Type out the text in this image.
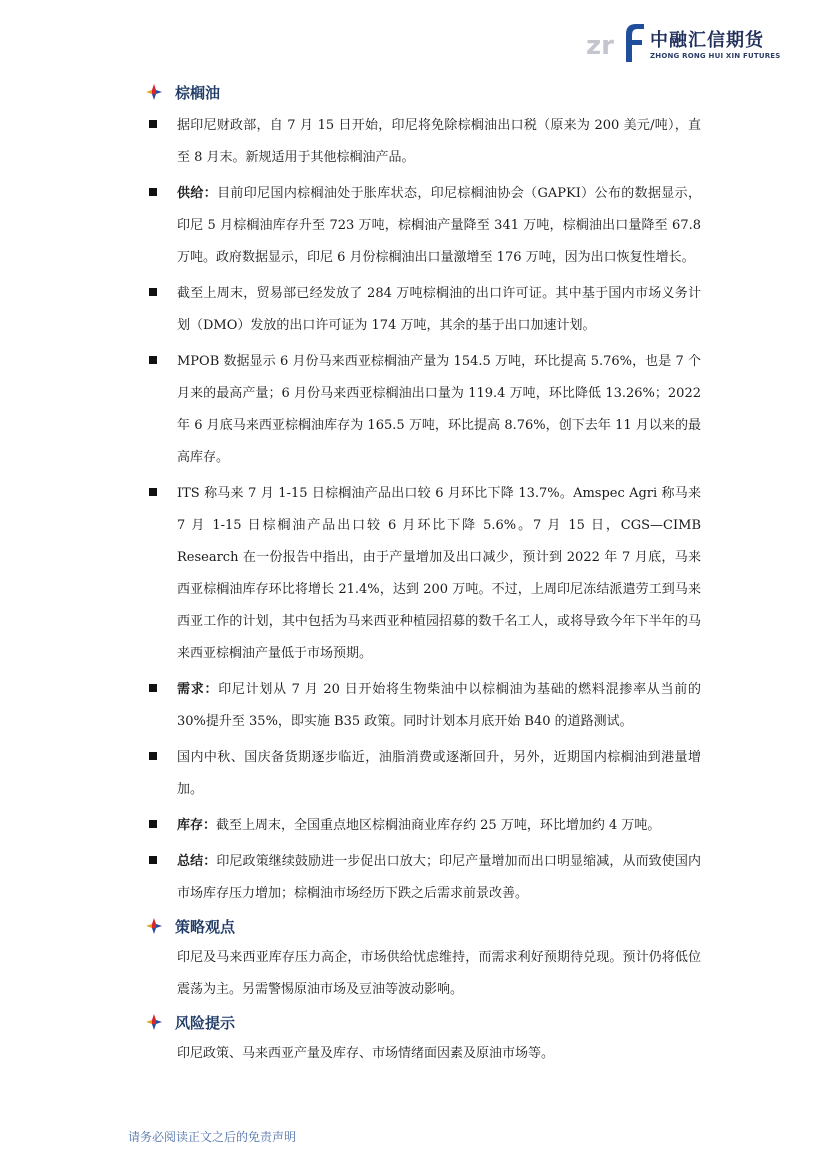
zr 中融汇信期货
ZHONG RONG HUI XIN FUTURES
棕榈油
据印尼财政部，自 7 月 15 日开始，印尼将免除棕榈油出口税（原来为 200 美元/吨），直至 8 月末。新规适用于其他棕榈油产品。
供给：目前印尼国内棕榈油处于胀库状态，印尼棕榈油协会（GAPKI）公布的数据显示，印尼 5 月棕榈油库存升至 723 万吨，棕榈油产量降至 341 万吨，棕榈油出口量降至 67.8 万吨。政府数据显示，印尼 6 月份棕榈油出口量激增至 176 万吨，因为出口恢复性增长。
截至上周末，贸易部已经发放了 284 万吨棕榈油的出口许可证。其中基于国内市场义务计划（DMO）发放的出口许可证为 174 万吨，其余的基于出口加速计划。
MPOB 数据显示 6 月份马来西亚棕榈油产量为 154.5 万吨，环比提高 5.76%，也是 7 个月来的最高产量；6 月份马来西亚棕榈油出口量为 119.4 万吨，环比降低 13.26%；2022 年 6 月底马来西亚棕榈油库存为 165.5 万吨，环比提高 8.76%，创下去年 11 月以来的最高库存。
ITS 称马来 7 月 1-15 日棕榈油产品出口较 6 月环比下降 13.7%。Amspec Agri 称马来 7 月 1-15 日棕榈油产品出口较 6 月环比下降 5.6%。7 月 15 日，CGS—CIMB Research 在一份报告中指出，由于产量增加及出口减少，预计到 2022 年 7 月底，马来西亚棕榈油库存环比将增长 21.4%，达到 200 万吨。不过，上周印尼冻结派遣劳工到马来西亚工作的计划，其中包括为马来西亚种植园招募的数千名工人，或将导致今年下半年的马来西亚棕榈油产量低于市场预期。
需求：印尼计划从 7 月 20 日开始将生物柴油中以棕榈油为基础的燃料混掺率从当前的 30%提升至 35%，即实施 B35 政策。同时计划本月底开始 B40 的道路测试。
国内中秋、国庆备货期逐步临近，油脂消费或逐渐回升，另外，近期国内棕榈油到港量增加。
库存：截至上周末，全国重点地区棕榈油商业库存约 25 万吨，环比增加约 4 万吨。
总结：印尼政策继续鼓励进一步促出口放大；印尼产量增加而出口明显缩减，从而致使国内市场库存压力增加；棕榈油市场经历下跌之后需求前景改善。
策略观点
印尼及马来西亚库存压力高企，市场供给忧虑维持，而需求利好预期待兑现。预计仍将低位震荡为主。另需警惕原油市场及豆油等波动影响。
风险提示
印尼政策、马来西亚产量及库存、市场情绪面因素及原油市场等。
请务必阅读正文之后的免责声明
